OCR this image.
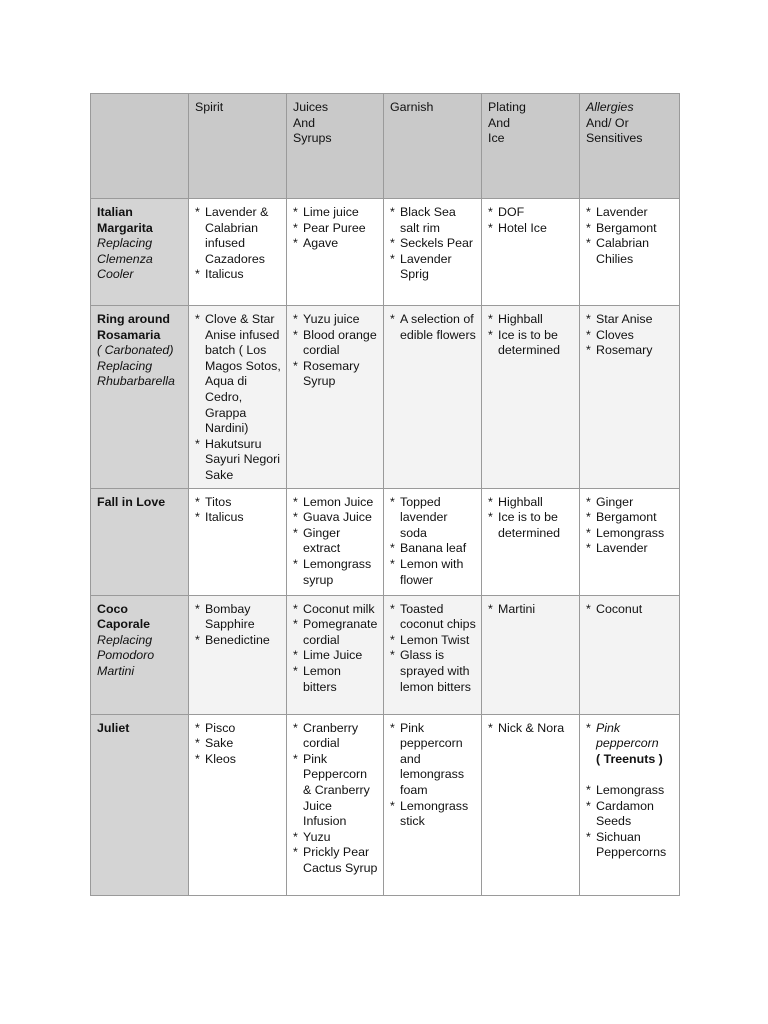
	Spirit	Juices
And
Syrups	Garnish	Plating
And
Ice	Allergies
And/ Or
Sensitives

Italian
Margarita
Replacing
Clemenza
Cooler	* Lavender & Calabrian infused Cazadores
* Italicus	* Lime juice
* Pear Puree
* Agave	* Black Sea salt rim
* Seckels Pear
* Lavender Sprig	* DOF
* Hotel Ice	* Lavender
* Bergamont
* Calabrian Chilies

Ring around
Rosamaria
( Carbonated)
Replacing
Rhubarbarella	* Clove & Star Anise infused batch ( Los Magos Sotos, Aqua di Cedro, Grappa Nardini)
* Hakutsuru Sayuri Negori Sake	* Yuzu juice
* Blood orange cordial
* Rosemary Syrup	* A selection of edible flowers	* Highball
* Ice is to be determined	* Star Anise
* Cloves
* Rosemary

Fall in Love	* Titos
* Italicus	* Lemon Juice
* Guava Juice
* Ginger extract
* Lemongrass syrup	* Topped lavender soda
* Banana leaf
* Lemon with flower	* Highball
* Ice is to be determined	* Ginger
* Bergamont
* Lemongrass
* Lavender

Coco
Caporale
Replacing
Pomodoro
Martini	* Bombay Sapphire
* Benedictine	* Coconut milk
* Pomegranate cordial
* Lime Juice
* Lemon bitters	* Toasted coconut chips
* Lemon Twist
* Glass is sprayed with lemon bitters	* Martini	* Coconut

Juliet	* Pisco
* Sake
* Kleos	* Cranberry cordial
* Pink Peppercorn & Cranberry Juice Infusion
* Yuzu
* Prickly Pear Cactus Syrup	* Pink peppercorn and lemongrass foam
* Lemongrass stick	* Nick & Nora	* Pink peppercorn
( Treenuts )
* Lemongrass
* Cardamon Seeds
* Sichuan Peppercorns
